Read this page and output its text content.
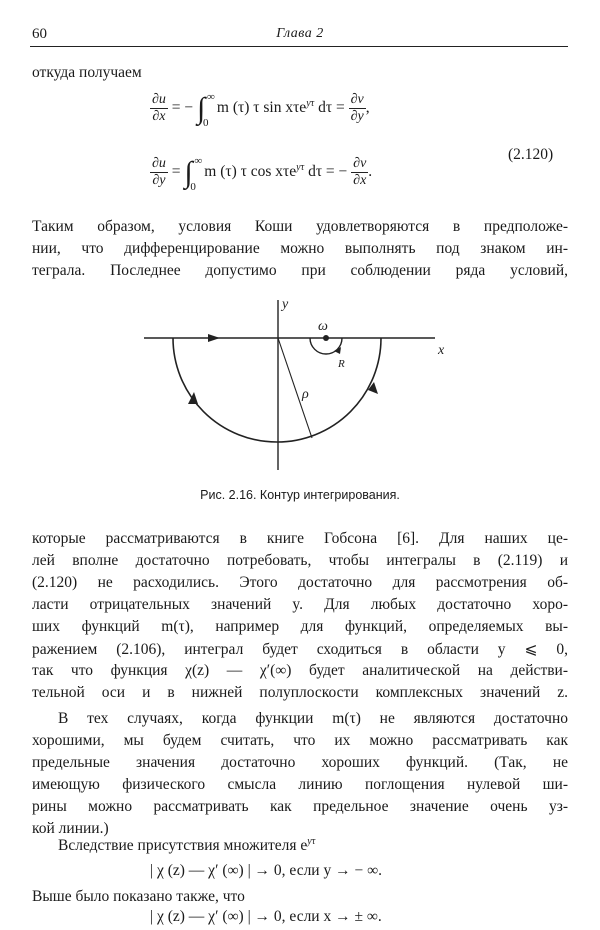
60	Глава 2
откуда получаем
$\frac{\partial u}{\partial x}$ = − ∫ ∞
0
m (τ) τ sin xτe$^{y\tau}$ $d\tau = \frac{\partial v}{\partial y}$ ,
(2.120)
$\frac{\partial u}{\partial y}$ = ∫ ∞
0
m (τ) τ cos xτe$^{y\tau}$ dτ = − $\frac{\partial v}{\partial x}$ .
Таким образом, условия Коши удовлетворяются в предположе-
нии, что дифференцирование можно выполнять под знаком ин-
теграла. Последнее допустимо при соблюдении ряда условий,
y
x
ω
R
ρ
Рис. 2.16. Контур интегрирования.
которые рассматриваются в книге Гобсона [6]. Для наших це-
лей вполне достаточно потребовать, чтобы интегралы в (2.119) и
(2.120) не расходились. Этого достаточно для рассмотрения об-
ласти отрицательных значений y. Для любых достаточно хоро-
ших функций m(τ), например для функций, определяемых вы-
ражением (2.106), интеграл будет сходиться в области y ⩽ 0,
так что функция χ(z) — χ′(∞) будет аналитической на действи-
тельной оси и в нижней полуплоскости комплексных значений z.
В тех случаях, когда функции m(τ) не являются достаточно
хорошими, мы будем считать, что их можно рассматривать как
предельные значения достаточно хороших функций. (Так, не
имеющую физического смысла линию поглощения нулевой ши-
рины можно рассматривать как предельное значение очень уз-
кой линии.)
Вследствие присутствия множителя $e^{y\tau}$
| χ (z) — χ′ (∞) | → 0, если y → − ∞.
Выше было показано также, что
| χ (z) — χ′ (∞) | → 0, если x → ± ∞.
